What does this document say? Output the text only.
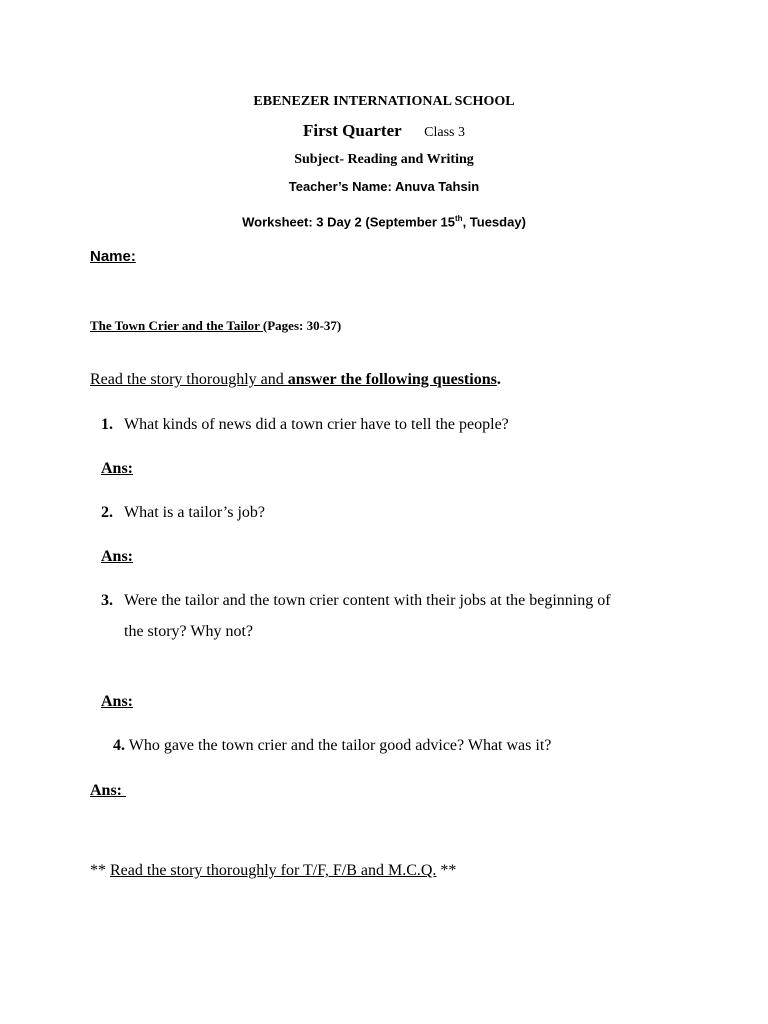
EBENEZER INTERNATIONAL SCHOOL
First Quarter Class 3
Subject- Reading and Writing
Teacher’s Name: Anuva Tahsin
Worksheet: 3 Day 2 (September 15th, Tuesday)
Name:
The Town Crier and the Tailor (Pages: 30-37)
Read the story thoroughly and answer the following questions.
1. What kinds of news did a town crier have to tell the people?
Ans:
2. What is a tailor’s job?
Ans:
3. Were the tailor and the town crier content with their jobs at the beginning of
the story? Why not?
Ans:
4. Who gave the town crier and the tailor good advice? What was it?
Ans:
** Read the story thoroughly for T/F, F/B and M.C.Q. **
